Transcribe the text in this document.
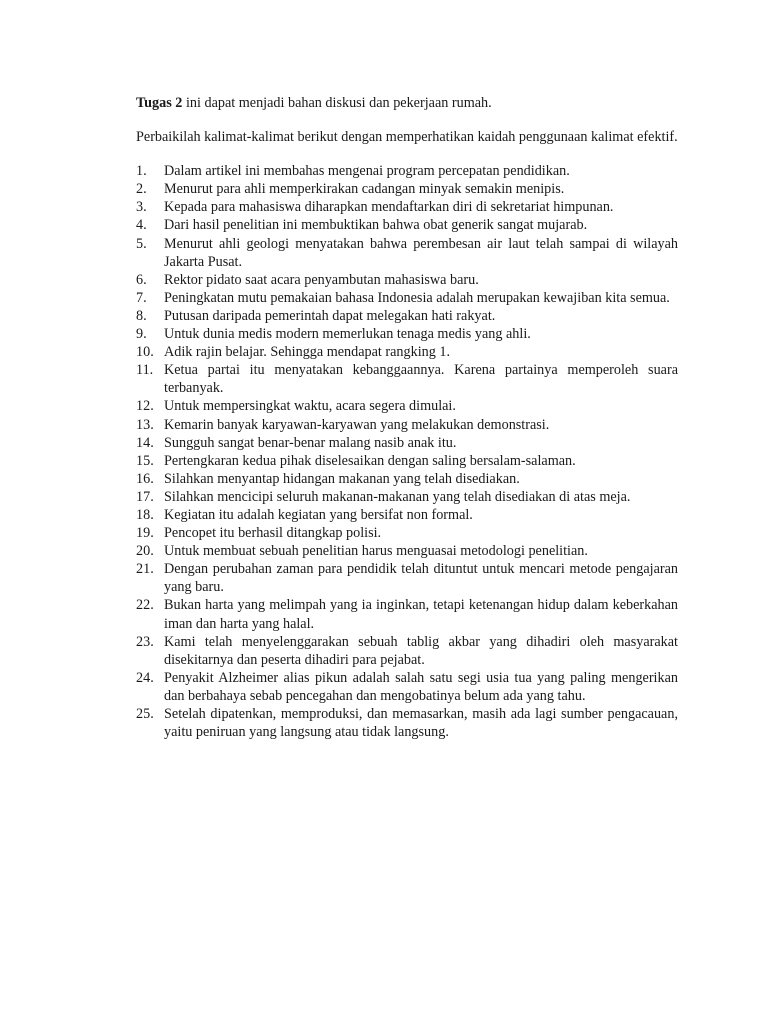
Tugas 2 ini dapat menjadi bahan diskusi dan pekerjaan rumah.

Perbaikilah kalimat-kalimat berikut dengan memperhatikan kaidah penggunaan kalimat efektif.

1.	Dalam artikel ini membahas mengenai program percepatan pendidikan.
2.	Menurut para ahli memperkirakan cadangan minyak semakin menipis.
3.	Kepada para mahasiswa diharapkan mendaftarkan diri di sekretariat himpunan.
4.	Dari hasil penelitian ini membuktikan bahwa obat generik sangat mujarab.
5.	Menurut ahli geologi menyatakan bahwa perembesan air laut telah sampai di wilayah Jakarta Pusat.
6.	Rektor pidato saat acara penyambutan mahasiswa baru.
7.	Peningkatan mutu pemakaian bahasa Indonesia adalah merupakan kewajiban kita semua.
8.	Putusan daripada pemerintah dapat melegakan hati rakyat.
9.	Untuk dunia medis modern memerlukan tenaga medis yang ahli.
10. Adik rajin belajar. Sehingga mendapat rangking 1.
11. Ketua partai itu menyatakan kebanggaannya. Karena partainya memperoleh suara terbanyak.
12. Untuk mempersingkat waktu, acara segera dimulai.
13. Kemarin banyak karyawan-karyawan yang melakukan demonstrasi.
14. Sungguh sangat benar-benar malang nasib anak itu.
15. Pertengkaran kedua pihak diselesaikan dengan saling bersalam-salaman.
16. Silahkan menyantap hidangan makanan yang telah disediakan.
17. Silahkan mencicipi seluruh makanan-makanan yang telah disediakan di atas meja.
18. Kegiatan itu adalah kegiatan yang bersifat non formal.
19. Pencopet itu berhasil ditangkap polisi.
20. Untuk membuat sebuah penelitian harus menguasai metodologi penelitian.
21. Dengan perubahan zaman para pendidik telah dituntut untuk mencari metode pengajaran yang baru.
22. Bukan harta yang melimpah yang ia inginkan, tetapi ketenangan hidup dalam keberkahan iman dan harta yang halal.
23. Kami telah menyelenggarakan sebuah tablig akbar yang dihadiri oleh masyarakat disekitarnya dan peserta dihadiri para pejabat.
24. Penyakit Alzheimer alias pikun adalah salah satu segi usia tua yang paling mengerikan dan berbahaya sebab pencegahan dan mengobatinya belum ada yang tahu.
25. Setelah dipatenkan, memproduksi, dan memasarkan, masih ada lagi sumber pengacauan, yaitu peniruan yang langsung atau tidak langsung.
